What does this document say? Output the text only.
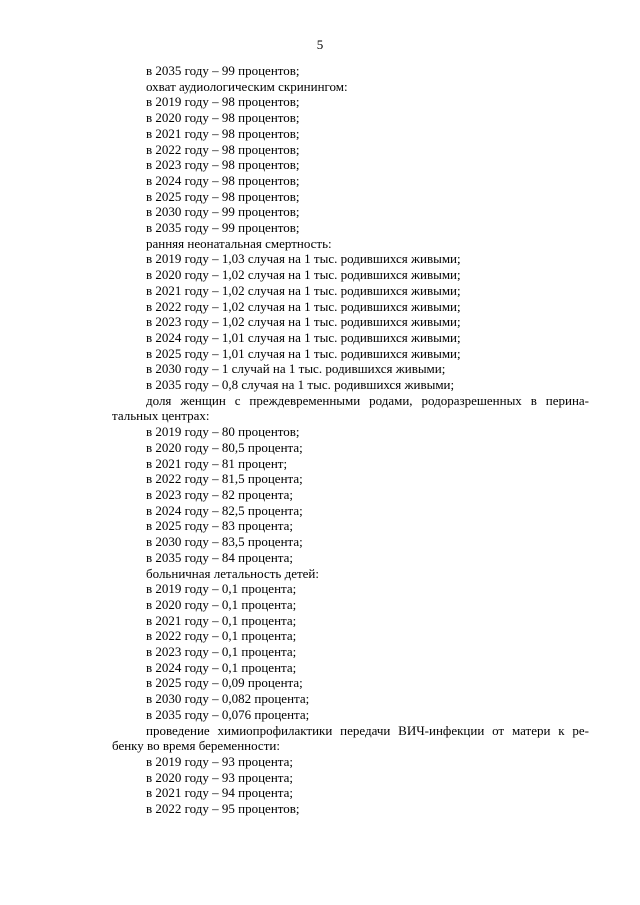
5
в 2035 году – 99 процентов;
охват аудиологическим скринингом:
в 2019 году – 98 процентов;
в 2020 году – 98 процентов;
в 2021 году – 98 процентов;
в 2022 году – 98 процентов;
в 2023 году – 98 процентов;
в 2024 году – 98 процентов;
в 2025 году – 98 процентов;
в 2030 году – 99 процентов;
в 2035 году – 99 процентов;
ранняя неонатальная смертность:
в 2019 году – 1,03 случая на 1 тыс. родившихся живыми;
в 2020 году – 1,02 случая на 1 тыс. родившихся живыми;
в 2021 году – 1,02 случая на 1 тыс. родившихся живыми;
в 2022 году – 1,02 случая на 1 тыс. родившихся живыми;
в 2023 году – 1,02 случая на 1 тыс. родившихся живыми;
в 2024 году – 1,01 случая на 1 тыс. родившихся живыми;
в 2025 году – 1,01 случая на 1 тыс. родившихся живыми;
в 2030 году – 1 случай на 1 тыс. родившихся живыми;
в 2035 году – 0,8 случая на 1 тыс. родившихся живыми;
доля женщин с преждевременными родами, родоразрешенных в перина-
тальных центрах:
в 2019 году – 80 процентов;
в 2020 году – 80,5 процента;
в 2021 году – 81 процент;
в 2022 году – 81,5 процента;
в 2023 году – 82 процента;
в 2024 году – 82,5 процента;
в 2025 году – 83 процента;
в 2030 году – 83,5 процента;
в 2035 году – 84 процента;
больничная летальность детей:
в 2019 году – 0,1 процента;
в 2020 году – 0,1 процента;
в 2021 году – 0,1 процента;
в 2022 году – 0,1 процента;
в 2023 году – 0,1 процента;
в 2024 году – 0,1 процента;
в 2025 году – 0,09 процента;
в 2030 году – 0,082 процента;
в 2035 году – 0,076 процента;
проведение химиопрофилактики передачи ВИЧ-инфекции от матери к ре-
бенку во время беременности:
в 2019 году – 93 процента;
в 2020 году – 93 процента;
в 2021 году – 94 процента;
в 2022 году – 95 процентов;
